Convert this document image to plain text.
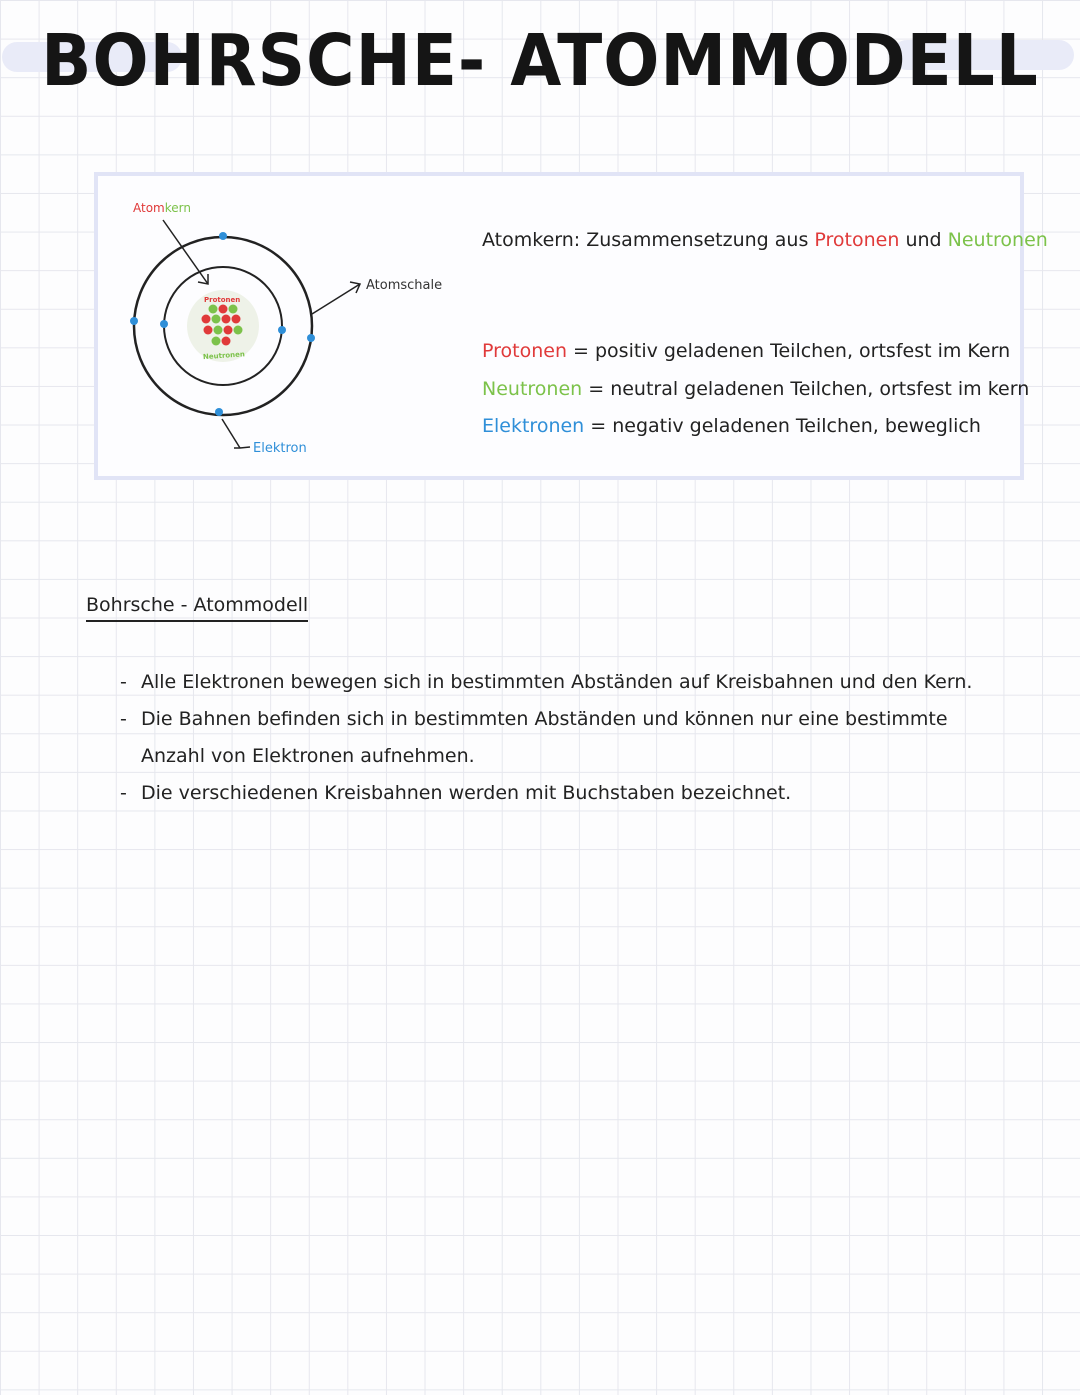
BOHRSCHE- ATOMMODELL
Atomkern
Protonen
Neutronen
Atomschale
Elektron
Atomkern: Zusammensetzung aus Protonen und Neutronen
Protonen = positiv geladenen Teilchen, ortsfest im Kern
Neutronen = neutral geladenen Teilchen, ortsfest im kern
Elektronen = negativ geladenen Teilchen, beweglich
Bohrsche - Atommodell
- Alle Elektronen bewegen sich in bestimmten Abständen auf Kreisbahnen und den Kern.
- Die Bahnen befinden sich in bestimmten Abständen und können nur eine bestimmte Anzahl von Elektronen aufnehmen.
- Die verschiedenen Kreisbahnen werden mit Buchstaben bezeichnet.
